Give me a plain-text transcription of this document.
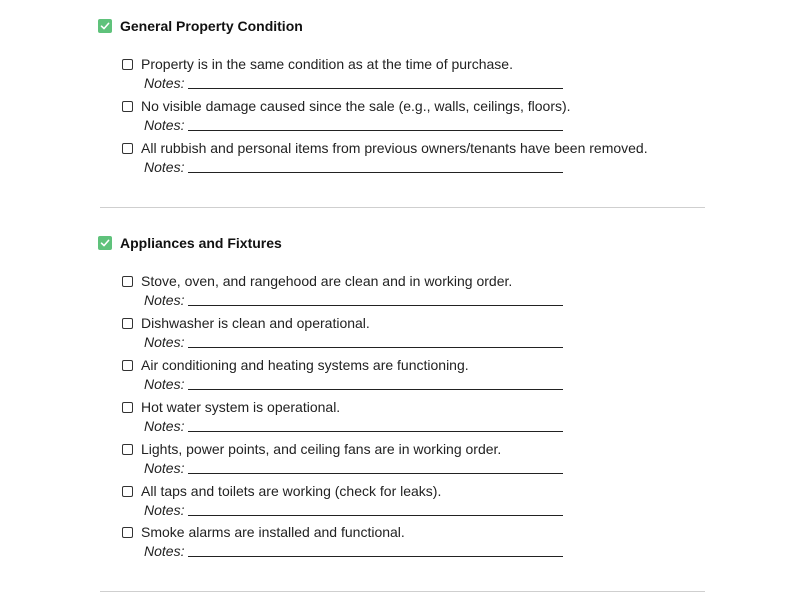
General Property Condition
Property is in the same condition as at the time of purchase.
Notes:
No visible damage caused since the sale (e.g., walls, ceilings, floors).
Notes:
All rubbish and personal items from previous owners/tenants have been removed.
Notes:
Appliances and Fixtures
Stove, oven, and rangehood are clean and in working order.
Notes:
Dishwasher is clean and operational.
Notes:
Air conditioning and heating systems are functioning.
Notes:
Hot water system is operational.
Notes:
Lights, power points, and ceiling fans are in working order.
Notes:
All taps and toilets are working (check for leaks).
Notes:
Smoke alarms are installed and functional.
Notes:
